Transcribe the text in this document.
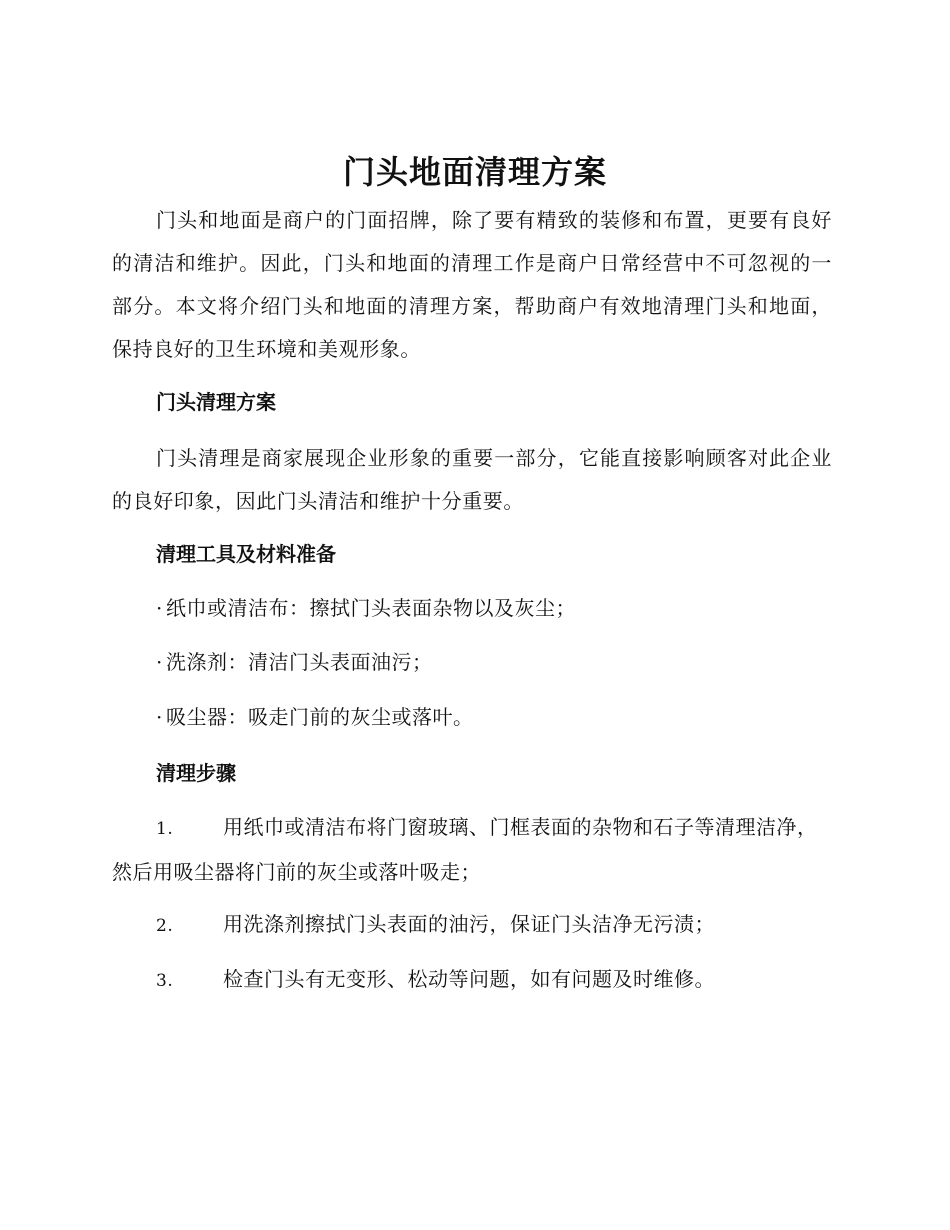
门头地面清理方案

门头和地面是商户的门面招牌，除了要有精致的装修和布置，更要有良好的清洁和维护。因此，门头和地面的清理工作是商户日常经营中不可忽视的一部分。本文将介绍门头和地面的清理方案，帮助商户有效地清理门头和地面，保持良好的卫生环境和美观形象。

门头清理方案

门头清理是商家展现企业形象的重要一部分，它能直接影响顾客对此企业的良好印象，因此门头清洁和维护十分重要。

清理工具及材料准备

· 纸巾或清洁布：擦拭门头表面杂物以及灰尘；

· 洗涤剂：清洁门头表面油污；

· 吸尘器：吸走门前的灰尘或落叶。

清理步骤

1. 用纸巾或清洁布将门窗玻璃、门框表面的杂物和石子等清理洁净，然后用吸尘器将门前的灰尘或落叶吸走；

2. 用洗涤剂擦拭门头表面的油污，保证门头洁净无污渍；

3. 检查门头有无变形、松动等问题，如有问题及时维修。
